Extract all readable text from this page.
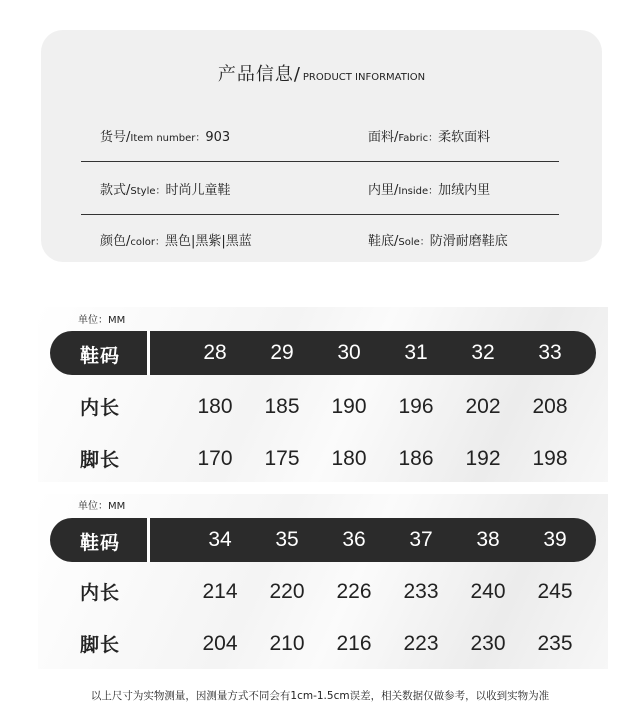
产品信息/ PRODUCT INFORMATION
货号/Item number：903	面料/Fabric：柔软面料
款式/Style：时尚儿童鞋	内里/Inside：加绒内里
颜色/color：黑色|黑紫|黑蓝	鞋底/Sole：防滑耐磨鞋底
单位：MM
鞋码	28	29	30	31	32	33
内长	180	185	190	196	202	208
脚长	170	175	180	186	192	198
单位：MM
鞋码	34	35	36	37	38	39
内长	214	220	226	233	240	245
脚长	204	210	216	223	230	235
以上尺寸为实物测量，因测量方式不同会有1cm-1.5cm误差，相关数据仅做参考，以收到实物为准
